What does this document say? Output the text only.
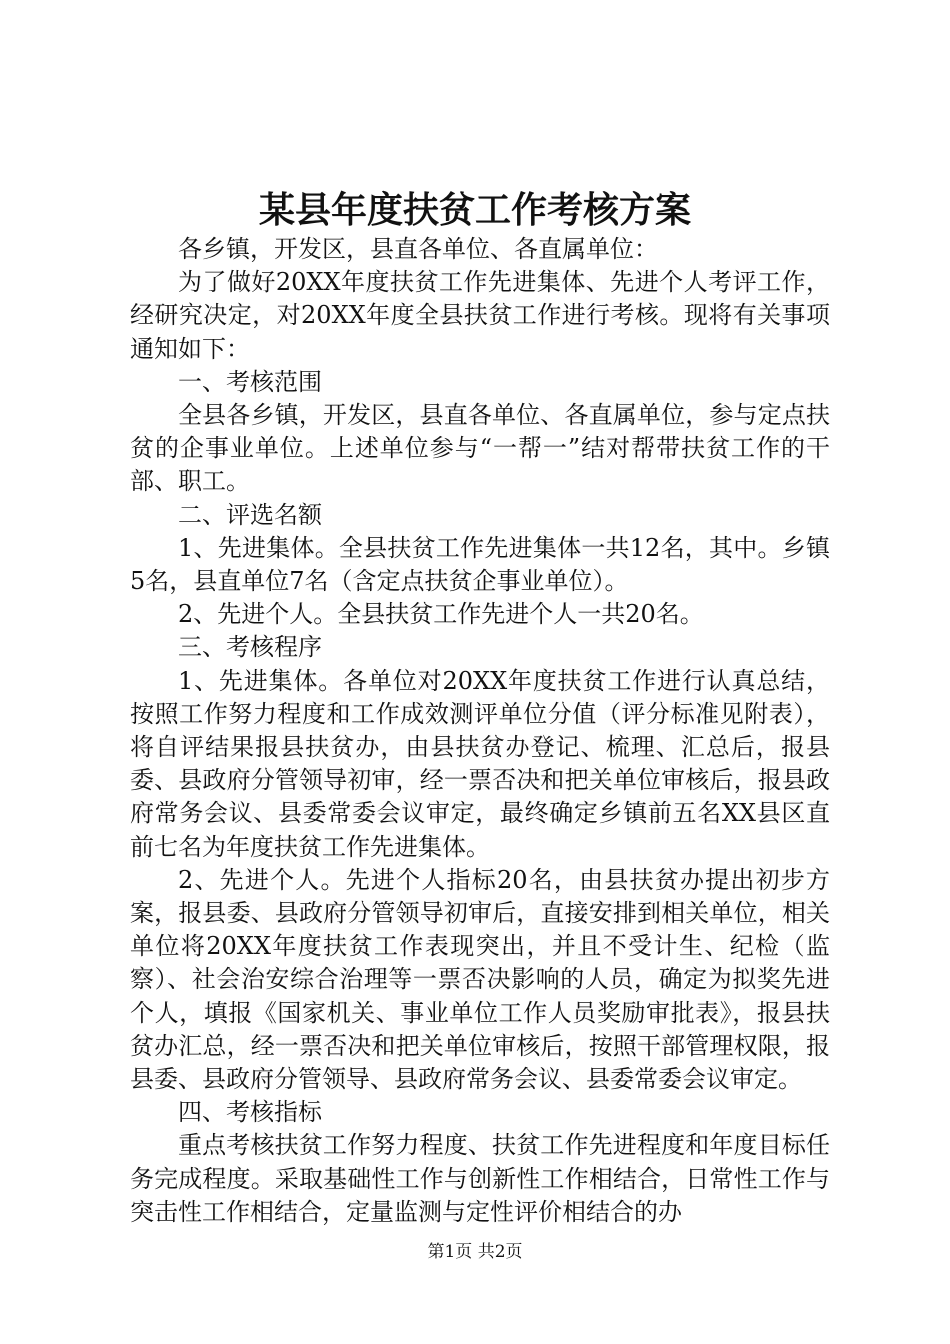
某县年度扶贫工作考核方案

各乡镇，开发区，县直各单位、各直属单位：

为了做好20XX年度扶贫工作先进集体、先进个人考评工作，经研究决定，对20XX年度全县扶贫工作进行考核。现将有关事项通知如下：

一、考核范围

全县各乡镇，开发区，县直各单位、各直属单位，参与定点扶贫的企事业单位。上述单位参与“一帮一”结对帮带扶贫工作的干部、职工。

二、评选名额

1、先进集体。全县扶贫工作先进集体一共12名，其中。乡镇5名，县直单位7名（含定点扶贫企事业单位）。

2、先进个人。全县扶贫工作先进个人一共20名。

三、考核程序

1、先进集体。各单位对20XX年度扶贫工作进行认真总结，按照工作努力程度和工作成效测评单位分值（评分标准见附表），将自评结果报县扶贫办，由县扶贫办登记、梳理、汇总后，报县委、县政府分管领导初审，经一票否决和把关单位审核后，报县政府常务会议、县委常委会议审定，最终确定乡镇前五名XX县区直前七名为年度扶贫工作先进集体。

2、先进个人。先进个人指标20名，由县扶贫办提出初步方案，报县委、县政府分管领导初审后，直接安排到相关单位，相关单位将20XX年度扶贫工作表现突出，并且不受计生、纪检（监察）、社会治安综合治理等一票否决影响的人员，确定为拟奖先进个人，填报《国家机关、事业单位工作人员奖励审批表》，报县扶贫办汇总，经一票否决和把关单位审核后，按照干部管理权限，报县委、县政府分管领导、县政府常务会议、县委常委会议审定。

四、考核指标

重点考核扶贫工作努力程度、扶贫工作先进程度和年度目标任务完成程度。采取基础性工作与创新性工作相结合，日常性工作与突击性工作相结合，定量监测与定性评价相结合的办

第1页 共2页
